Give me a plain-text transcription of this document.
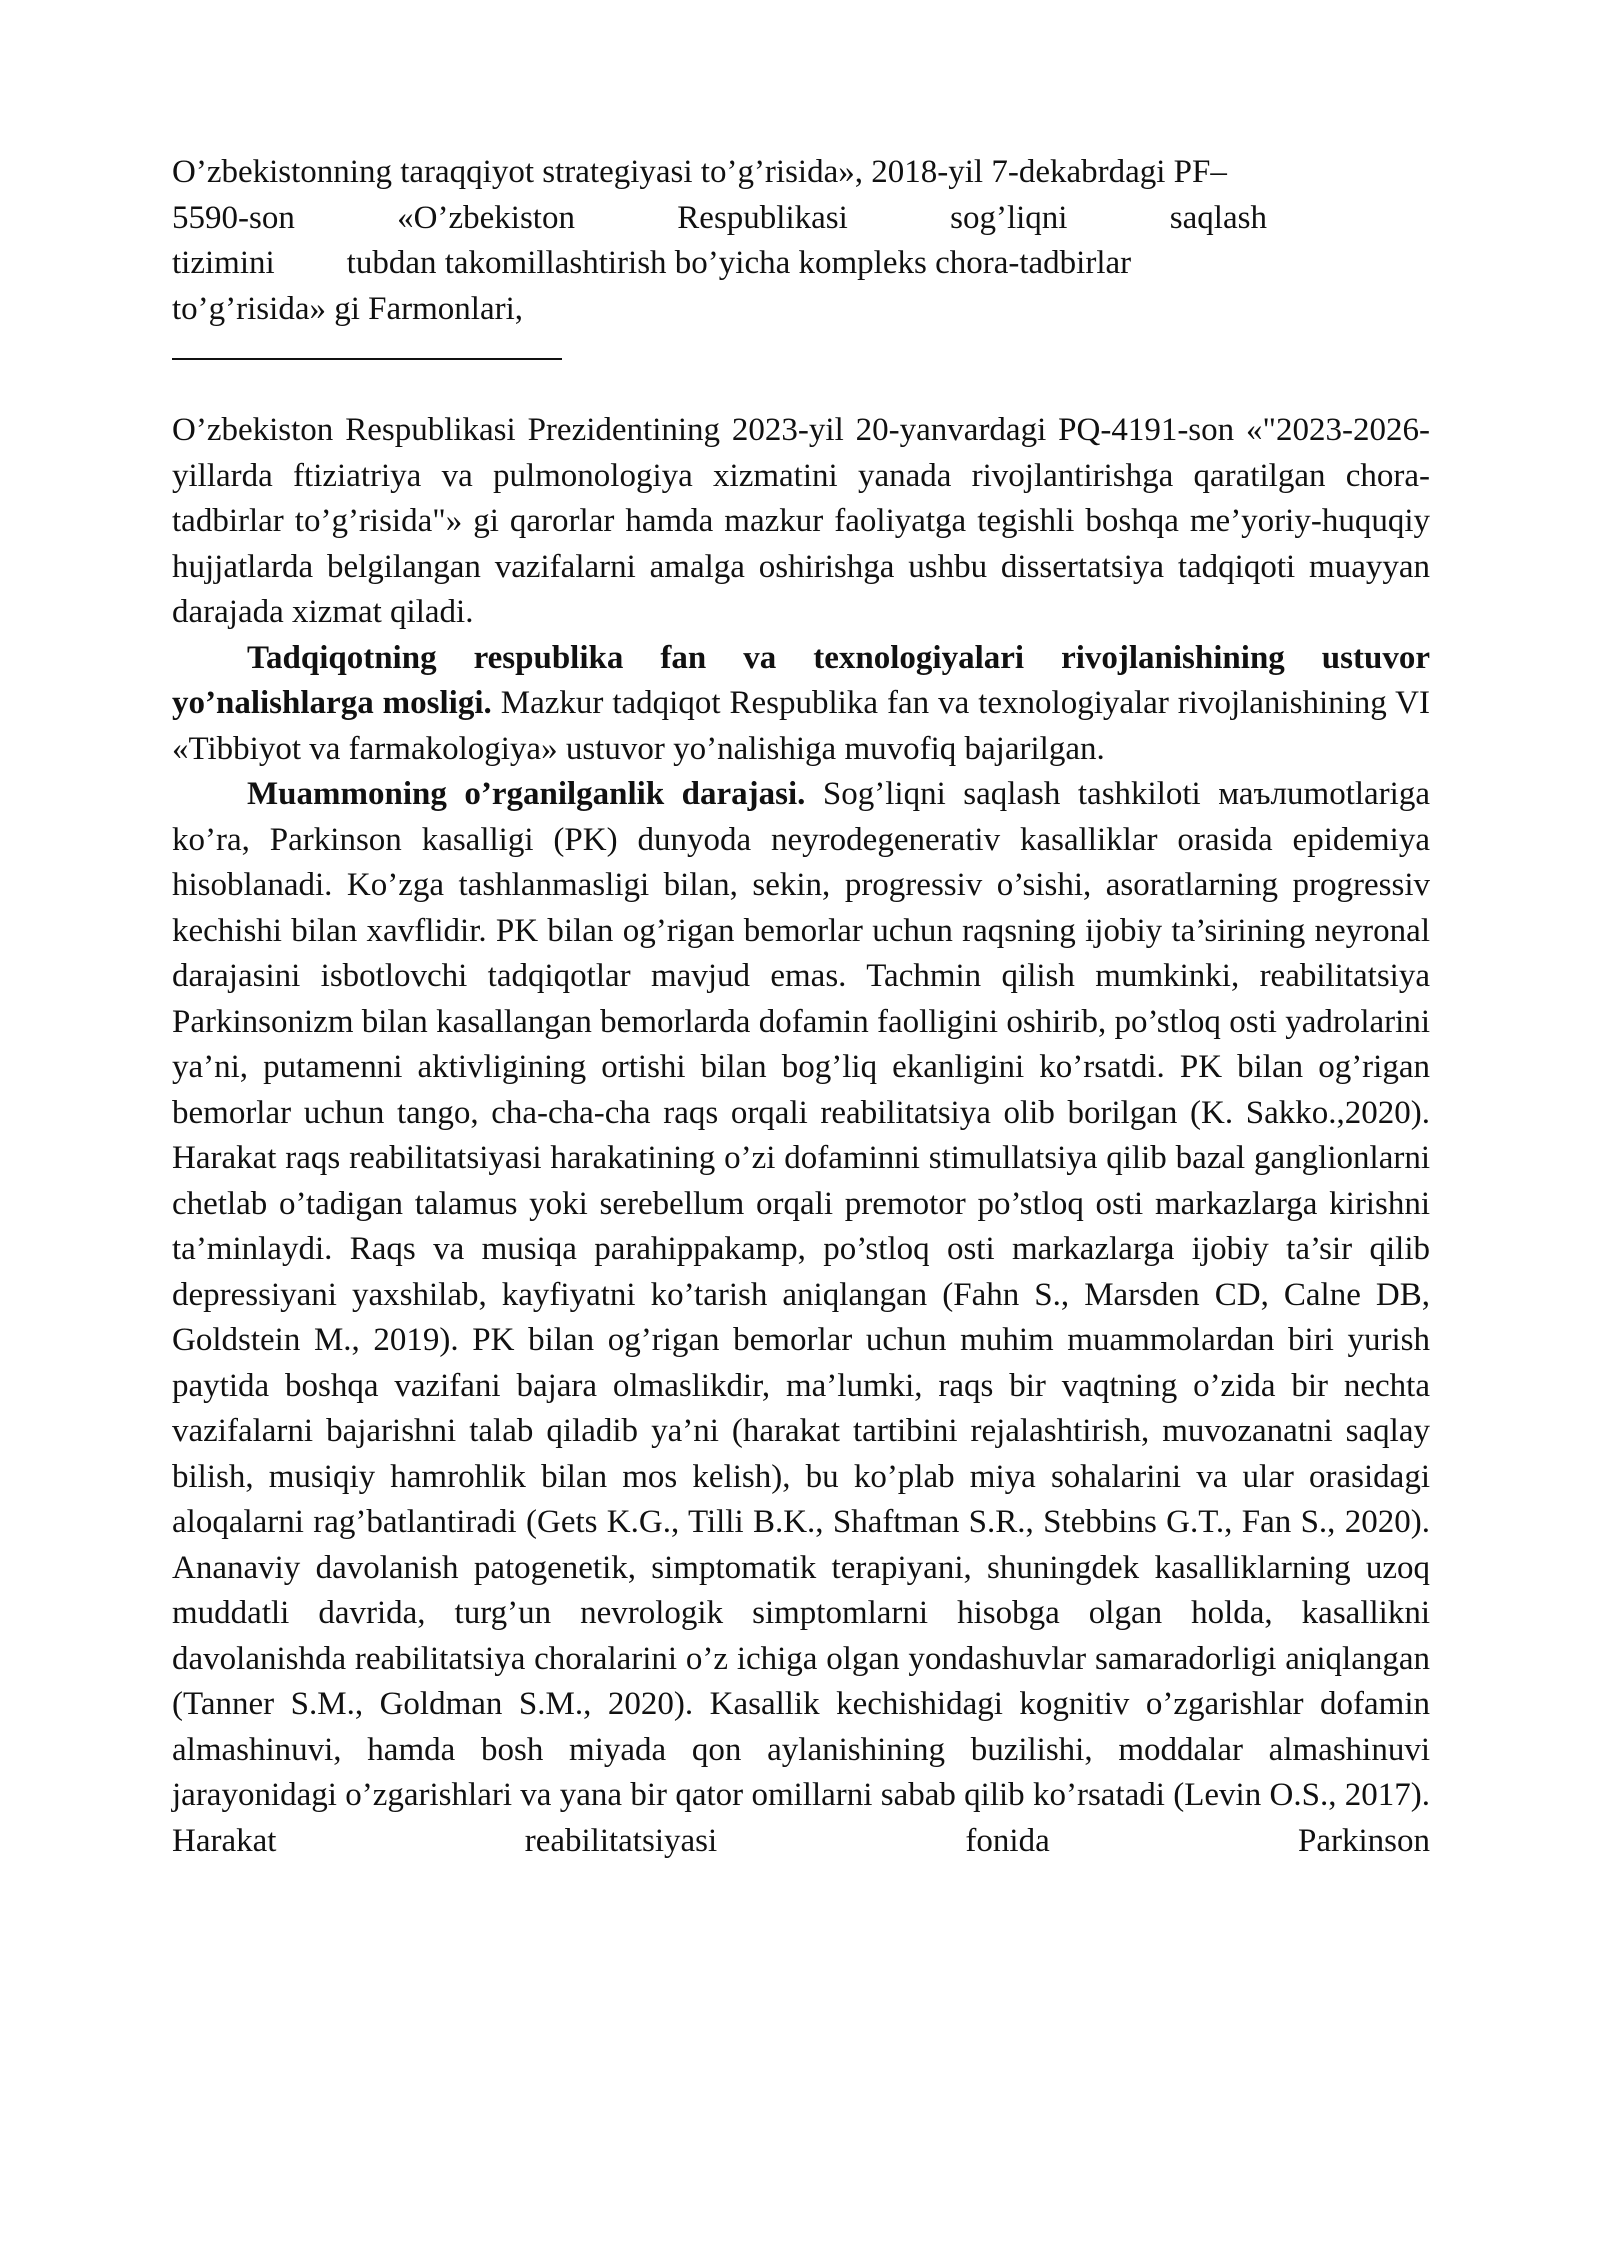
O’zbekistonning taraqqiyot strategiyasi to’g’risida», 2018-yil 7-dekabrdagi PF–
5590-son	«O’zbekiston	Respublikasi	sog’liqni	saqlash
tizimini tubdan takomillashtirish bo’yicha kompleks chora-tadbirlar
to’g’risida» gi Farmonlari,

O’zbekiston Respublikasi Prezidentining 2023-yil 20-yanvardagi PQ-4191-son «"2023-2026-yillarda ftiziatriya va pulmonologiya xizmatini yanada rivojlantirishga qaratilgan chora-tadbirlar to’g’risida"» gi qarorlar hamda mazkur faoliyatga tegishli boshqa me’yoriy-huquqiy hujjatlarda belgilangan vazifalarni amalga oshirishga ushbu dissertatsiya tadqiqoti muayyan darajada xizmat qiladi.

Tadqiqotning respublika fan va texnologiyalari rivojlanishining ustuvor yo’nalishlarga mosligi. Mazkur tadqiqot Respublika fan va texnologiyalar rivojlanishining VI «Tibbiyot va farmakologiya» ustuvor yo’nalishiga muvofiq bajarilgan.

Muammoning o’rganilganlik darajasi. Sog’liqni saqlash tashkiloti маълumotlariga ko’ra, Parkinson kasalligi (PK) dunyoda neyrodegenerativ kasalliklar orasida epidemiya hisoblanadi. Ko’zga tashlanmasligi bilan, sekin, progressiv o’sishi, asoratlarning progressiv kechishi bilan xavflidir. PK bilan og’rigan bemorlar uchun raqsning ijobiy ta’sirining neyronal darajasini isbotlovchi tadqiqotlar mavjud emas. Tachmin qilish mumkinki, reabilitatsiya Parkinsonizm bilan kasallangan bemorlarda dofamin faolligini oshirib, po’stloq osti yadrolarini ya’ni, putamenni aktivligining ortishi bilan bog’liq ekanligini ko’rsatdi. PK bilan og’rigan bemorlar uchun tango, cha-cha-cha raqs orqali reabilitatsiya olib borilgan (K. Sakko.,2020). Harakat raqs reabilitatsiyasi harakatining o’zi dofaminni stimullatsiya qilib bazal ganglionlarni chetlab o’tadigan talamus yoki serebellum orqali premotor po’stloq osti markazlarga kirishni ta’minlaydi. Raqs va musiqa parahippakamp, po’stloq osti markazlarga ijobiy ta’sir qilib depressiyani yaxshilab, kayfiyatni ko’tarish aniqlangan (Fahn S., Marsden CD, Calne DB, Goldstein M., 2019). PK bilan og’rigan bemorlar uchun muhim muammolardan biri yurish paytida boshqa vazifani bajara olmaslikdir, ma’lumki, raqs bir vaqtning o’zida bir nechta vazifalarni bajarishni talab qiladib ya’ni (harakat tartibini rejalashtirish, muvozanatni saqlay bilish, musiqiy hamrohlik bilan mos kelish), bu ko’plab miya sohalarini va ular orasidagi aloqalarni rag’batlantiradi (Gets K.G., Tilli B.K., Shaftman S.R., Stebbins G.T., Fan S., 2020). Ananaviy davolanish patogenetik, simptomatik terapiyani, shuningdek kasalliklarning uzoq muddatli davrida, turg’un nevrologik simptomlarni hisobga olgan holda, kasallikni davolanishda reabilitatsiya choralarini o’z ichiga olgan yondashuvlar samaradorligi aniqlangan (Tanner S.M., Goldman S.M., 2020). Kasallik kechishidagi kognitiv o’zgarishlar dofamin almashinuvi, hamda bosh miyada qon aylanishining buzilishi, moddalar almashinuvi jarayonidagi o’zgarishlari va yana bir qator omillarni sabab qilib ko’rsatadi (Levin O.S., 2017). Harakat reabilitatsiyasi fonida Parkinson
